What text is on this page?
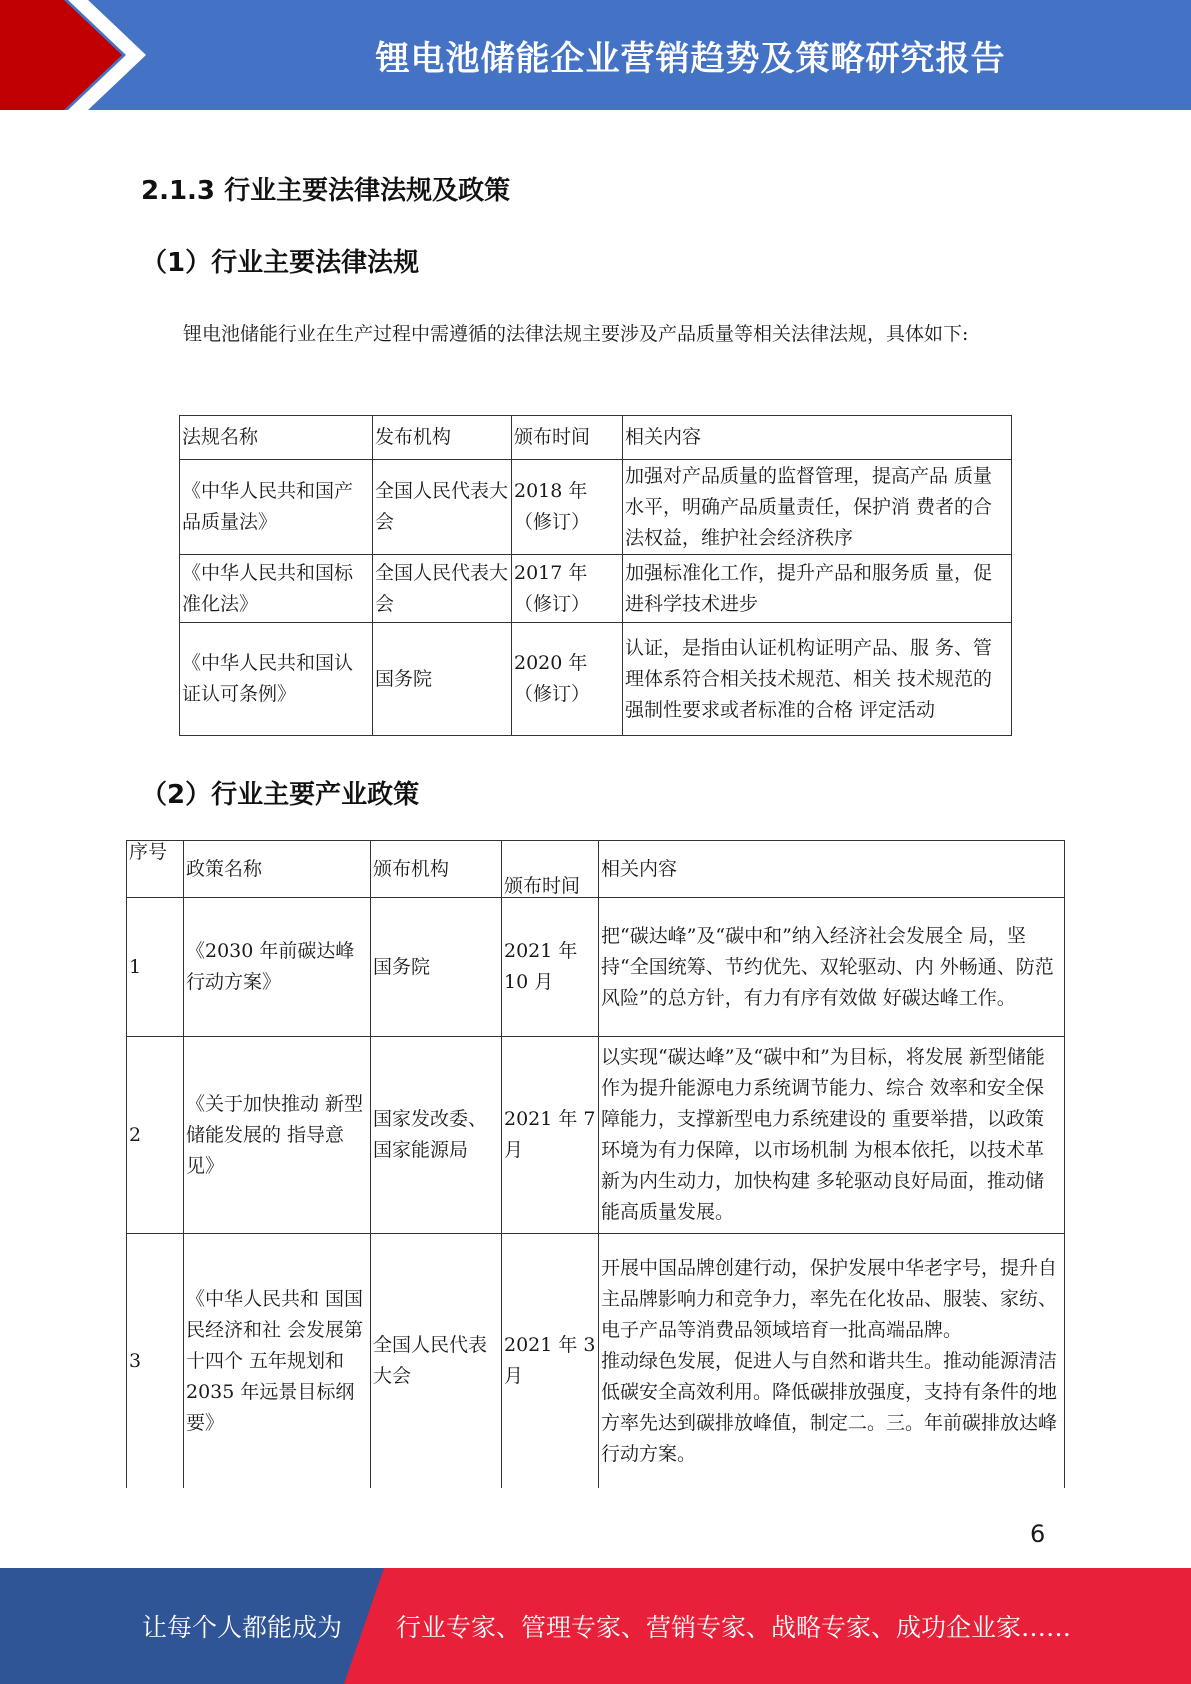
锂电池储能企业营销趋势及策略研究报告
2.1.3 行业主要法律法规及政策
（1）行业主要法律法规

锂电池储能行业在生产过程中需遵循的法律法规主要涉及产品质量等相关法律法规，具体如下:

法规名称	发布机构	颁布时间	相关内容
《中华人民共和国产品质量法》	全国人民代表大会	2018 年（修订）	加强对产品质量的监督管理，提高产品 质量水平，明确产品质量责任，保护消 费者的合法权益，维护社会经济秩序
《中华人民共和国标准化法》	全国人民代表大会	2017 年（修订）	加强标准化工作，提升产品和服务质 量，促进科学技术进步
《中华人民共和国认证认可条例》	国务院	2020 年（修订）	认证，是指由认证机构证明产品、服 务、管理体系符合相关技术规范、相关 技术规范的强制性要求或者标准的合格 评定活动
（2）行业主要产业政策
序号	政策名称	颁布机构	颁布时间	相关内容
1	《2030 年前碳达峰行动方案》	国务院	2021 年 10 月	把“碳达峰”及“碳中和”纳入经济社会发展全 局，坚持“全国统筹、节约优先、双轮驱动、内 外畅通、防范风险”的总方针，有力有序有效做 好碳达峰工作。
2	《关于加快推动 新型储能发展的 指导意见》	国家发改委、国家能源局	2021 年 7 月	以实现“碳达峰”及“碳中和”为目标，将发展 新型储能作为提升能源电力系统调节能力、综合 效率和安全保障能力，支撑新型电力系统建设的 重要举措，以政策环境为有力保障，以市场机制 为根本依托，以技术革新为内生动力，加快构建 多轮驱动良好局面，推动储能高质量发展。
3	《中华人民共和 国国民经济和社 会发展第十四个 五年规划和 2035 年远景目标纲 要》	全国人民代表大会	2021 年 3 月	开展中国品牌创建行动，保护发展中华老字号，提升自主品牌影响力和竞争力，率先在化妆品、服装、家纺、电子产品等消费品领域培育一批高端品牌。
推动绿色发展，促进人与自然和谐共生。推动能源清洁低碳安全高效利用。降低碳排放强度，支持有条件的地方率先达到碳排放峰值，制定二。三。年前碳排放达峰行动方案。
6
让每个人都能成为 行业专家、管理专家、营销专家、战略专家、成功企业家……
